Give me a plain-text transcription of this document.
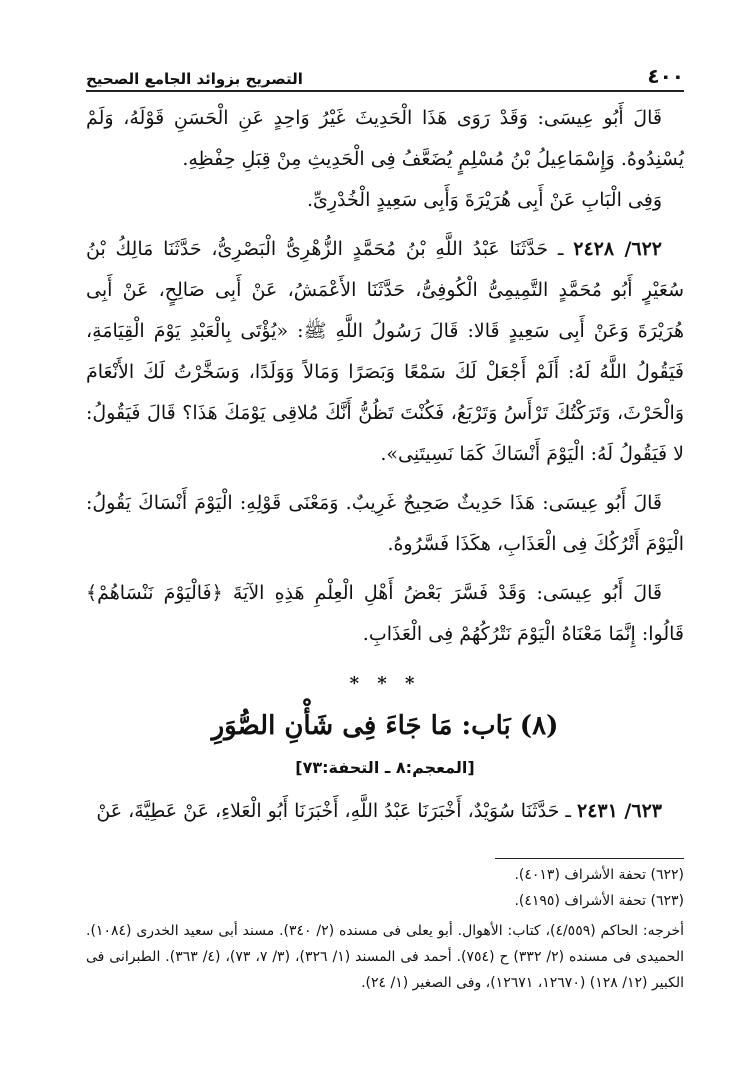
التصريح بزوائد الجامع الصحيح	٤٠٠

قَالَ أَبُو عِيسَى: وَقَدْ رَوَى هَذَا الْحَدِيثَ غَيْرُ وَاحِدٍ عَنِ الْحَسَنِ قَوْلَهُ، وَلَمْ يُسْنِدُوهُ. وَإِسْمَاعِيلُ بْنُ مُسْلِمٍ يُضَعَّفُ فِى الْحَدِيثِ مِنْ قِبَلِ حِفْظِهِ.

وَفِى الْبَابِ عَنْ أَبِى هُرَيْرَةَ وَأَبِى سَعِيدٍ الْخُدْرِىِّ.

٦٢٢/ ٢٤٢٨ ـ حَدَّثَنَا عَبْدُ اللَّهِ بْنُ مُحَمَّدٍ الزُّهْرِىُّ الْبَصْرِىُّ، حَدَّثَنَا مَالِكُ بْنُ سُعَيْرٍ أَبُو مُحَمَّدٍ التَّمِيمِىُّ الْكُوفِىُّ، حَدَّثَنَا الأَعْمَشُ، عَنْ أَبِى صَالِحٍ، عَنْ أَبِى هُرَيْرَةَ وَعَنْ أَبِى سَعِيدٍ قَالا: قَالَ رَسُولُ اللَّهِ ﷺ: «يُؤْتَى بِالْعَبْدِ يَوْمَ الْقِيَامَةِ، فَيَقُولُ اللَّهُ لَهُ: أَلَمْ أَجْعَلْ لَكَ سَمْعًا وَبَصَرًا وَمَالاً وَوَلَدًا، وَسَخَّرْتُ لَكَ الأَنْعَامَ وَالْحَرْثَ، وَتَرَكْتُكَ تَرْأَسُ وَتَرْبَعُ، فَكُنْتَ تَظُنُّ أَنَّكَ مُلاقِى يَوْمَكَ هَذَا؟ قَالَ فَيَقُولُ: لا فَيَقُولُ لَهُ: الْيَوْمَ أَنْسَاكَ كَمَا نَسِيتَنِى».

قَالَ أَبُو عِيسَى: هَذَا حَدِيثٌ صَحِيحٌ غَرِيبٌ. وَمَعْنَى قَوْلِهِ: الْيَوْمَ أَنْسَاكَ يَقُولُ: الْيَوْمَ أَتْرُكُكَ فِى الْعَذَابِ، هكَذَا فَسَّرُوهُ.

قَالَ أَبُو عِيسَى: وَقَدْ فَسَّرَ بَعْضُ أَهْلِ الْعِلْمِ هَذِهِ الآيَةَ ﴿فَالْيَوْمَ نَنْسَاهُمْ﴾ قَالُوا: إِنَّمَا مَعْنَاهُ الْيَوْمَ نَتْرُكُهُمْ فِى الْعَذَابِ.

* * *

(٨) بَاب: مَا جَاءَ فِى شَأْنِ الصُّوَرِ

[المعجم:٨ ـ التحفة:٧٣]

٦٢٣/ ٢٤٣١ ـ حَدَّثَنَا سُوَيْدٌ، أَخْبَرَنَا عَبْدُ اللَّهِ، أَخْبَرَنَا أَبُو الْعَلاءِ، عَنْ عَطِيَّةَ، عَنْ

(٦٢٢) تحفة الأشراف (٤٠١٣).

(٦٢٣) تحفة الأشراف (٤١٩٥).

أخرجه: الحاكم (٤/٥٥٩)، كتاب: الأهوال. أبو يعلى فى مسنده (٢/ ٣٤٠). مسند أبى سعيد الخدرى (١٠٨٤). الحميدى فى مسنده (٢/ ٣٣٢) ح (٧٥٤). أحمد فى المسند (١/ ٣٢٦)، (٣/ ٧، ٧٣)، (٤/ ٣٦٣). الطبرانى فى الكبير (١٢/ ١٢٨) (١٢٦٧٠، ١٢٦٧١)، وفى الصغير (١/ ٢٤).
